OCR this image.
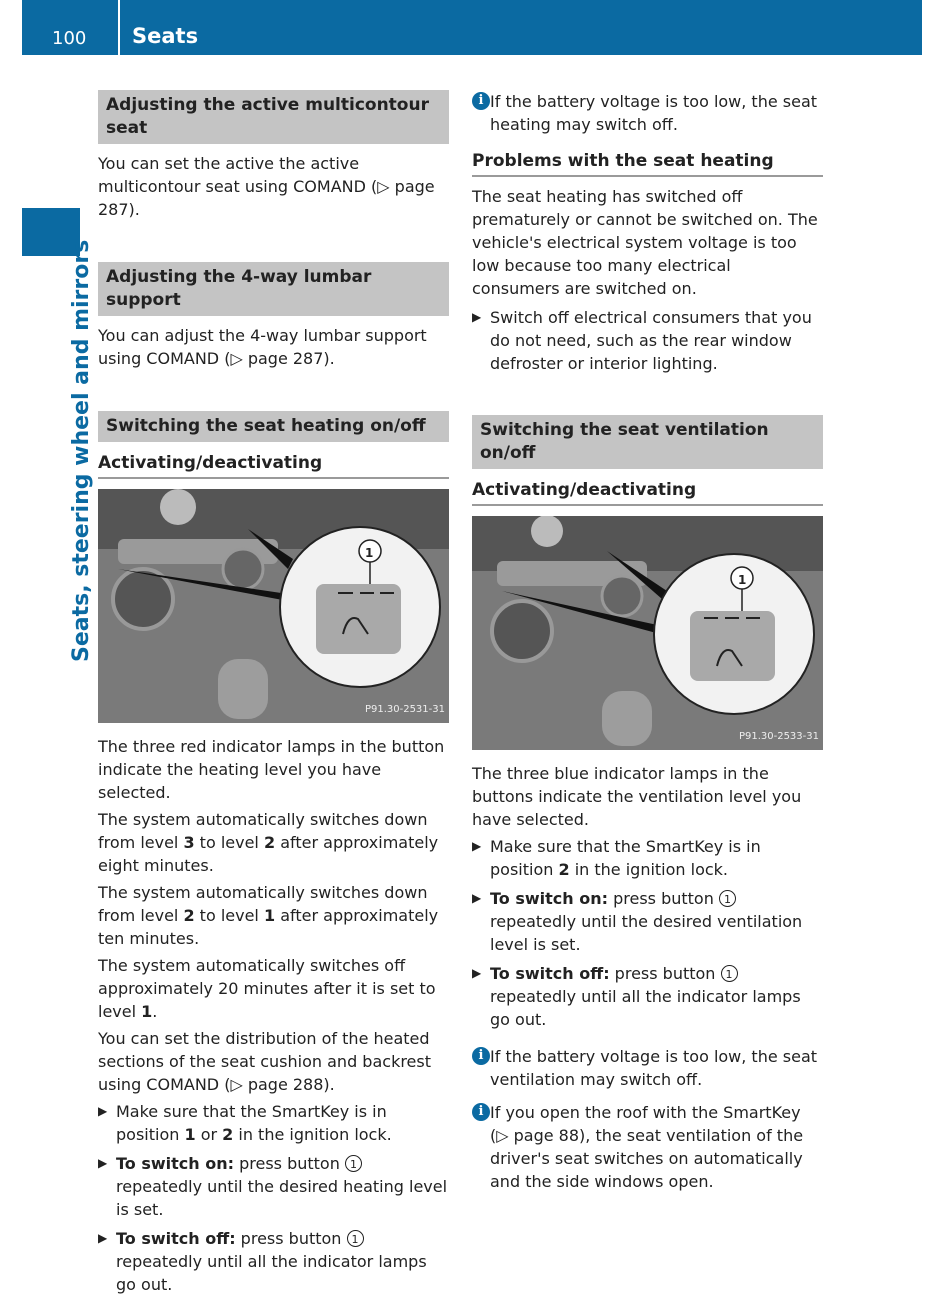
100 Seats
Seats, steering wheel and mirrors
Adjusting the active multicontour seat

You can set the active the active multicontour seat using COMAND (▷ page 287).

Adjusting the 4-way lumbar support

You can adjust the 4-way lumbar support using COMAND (▷ page 287).

Switching the seat heating on/off
Activating/deactivating
1
P91.30-2531-31

The three red indicator lamps in the button indicate the heating level you have selected.

The system automatically switches down from level 3 to level 2 after approximately eight minutes.

The system automatically switches down from level 2 to level 1 after approximately ten minutes.

The system automatically switches off approximately 20 minutes after it is set to level 1.

You can set the distribution of the heated sections of the seat cushion and backrest using COMAND (▷ page 288).

▶ Make sure that the SmartKey is in position 1 or 2 in the ignition lock.
▶ To switch on: press button 1 repeatedly until the desired heating level is set.
▶ To switch off: press button 1 repeatedly until all the indicator lamps go out.
i If the battery voltage is too low, the seat heating may switch off.
Problems with the seat heating

The seat heating has switched off prematurely or cannot be switched on. The vehicle's electrical system voltage is too low because too many electrical consumers are switched on.

▶ Switch off electrical consumers that you do not need, such as the rear window defroster or interior lighting.
Switching the seat ventilation on/off
Activating/deactivating
1
P91.30-2533-31

The three blue indicator lamps in the buttons indicate the ventilation level you have selected.

▶ Make sure that the SmartKey is in position 2 in the ignition lock.
▶ To switch on: press button 1 repeatedly until the desired ventilation level is set.
▶ To switch off: press button 1 repeatedly until all the indicator lamps go out.
i If the battery voltage is too low, the seat ventilation may switch off.
i If you open the roof with the SmartKey (▷ page 88), the seat ventilation of the driver's seat switches on automatically and the side windows open.
